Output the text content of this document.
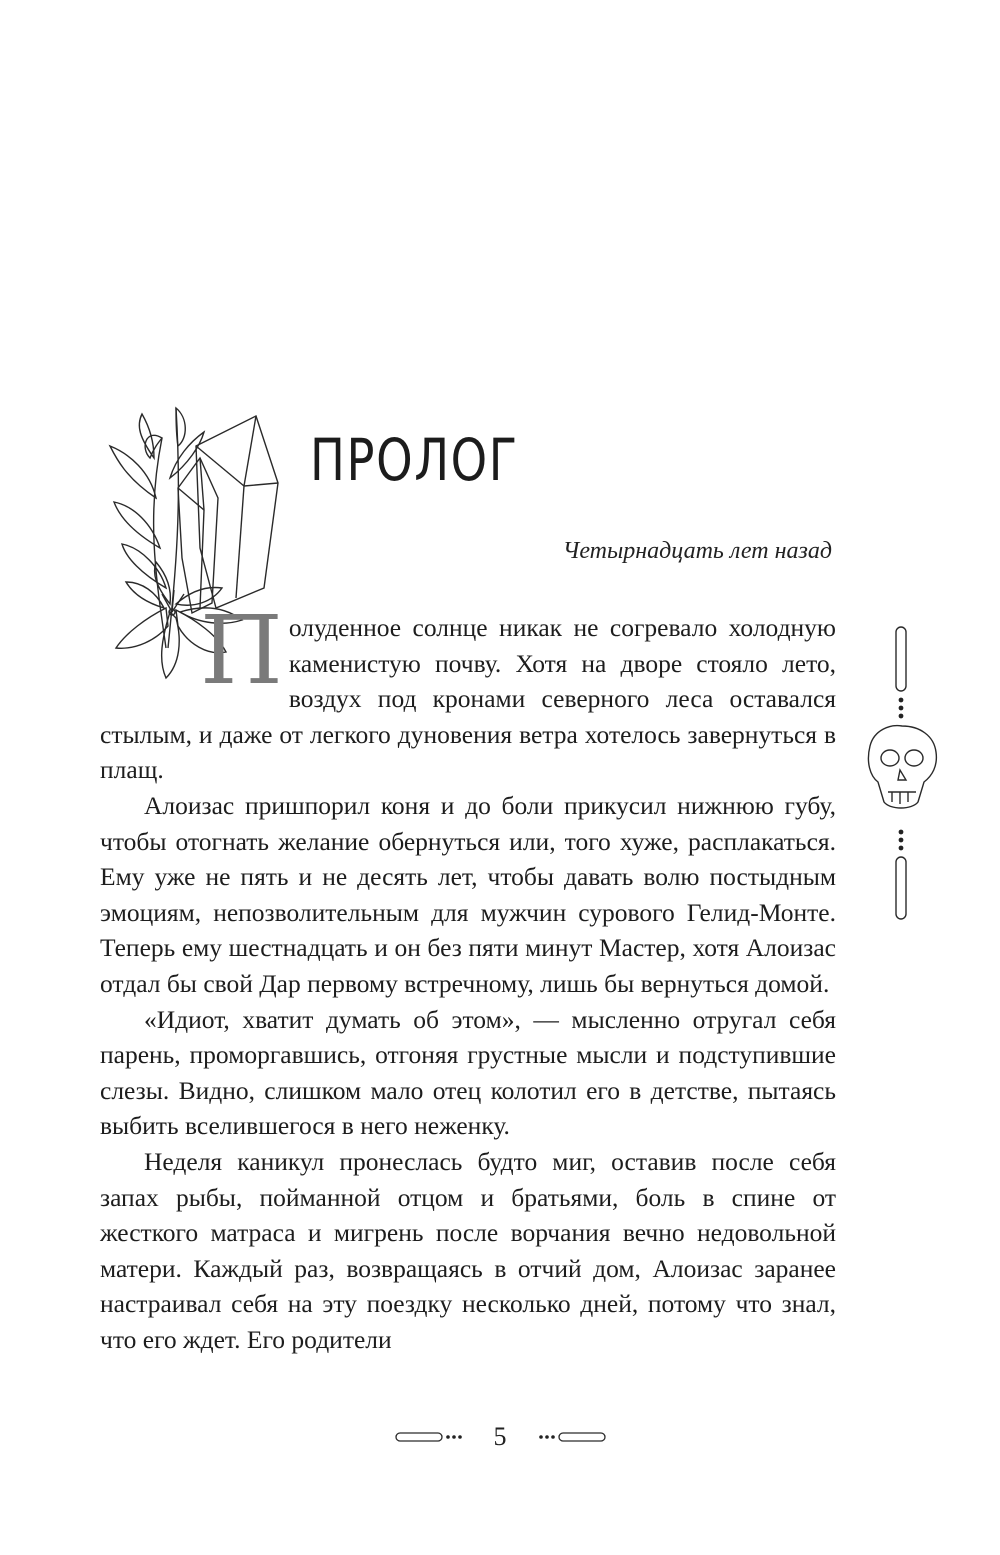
ПРОЛОГ
Четырнадцать лет назад

Полуденное солнце никак не согревало холодную каменистую почву. Хотя на дворе стояло лето, воздух под кронами северного леса оставался стылым, и даже от легкого дуновения ветра хотелось завернуться в плащ.

Алоизас пришпорил коня и до боли прикусил нижнюю губу, чтобы отогнать желание обернуться или, того хуже, расплакаться. Ему уже не пять и не десять лет, чтобы давать волю постыдным эмоциям, непозволительным для мужчин сурового Гелид-Монте. Теперь ему шестнадцать и он без пяти минут Мастер, хотя Алоизас отдал бы свой Дар первому встречному, лишь бы вернуться домой.

«Идиот, хватит думать об этом», — мысленно отругал себя парень, проморгавшись, отгоняя грустные мысли и подступившие слезы. Видно, слишком мало отец колотил его в детстве, пытаясь выбить вселившегося в него неженку.

Неделя каникул пронеслась будто миг, оставив после себя запах рыбы, пойманной отцом и братьями, боль в спине от жесткого матраса и мигрень после ворчания вечно недовольной матери. Каждый раз, возвращаясь в отчий дом, Алоизас заранее настраивал себя на эту поездку несколько дней, потому что знал, что его ждет. Его родители

5
